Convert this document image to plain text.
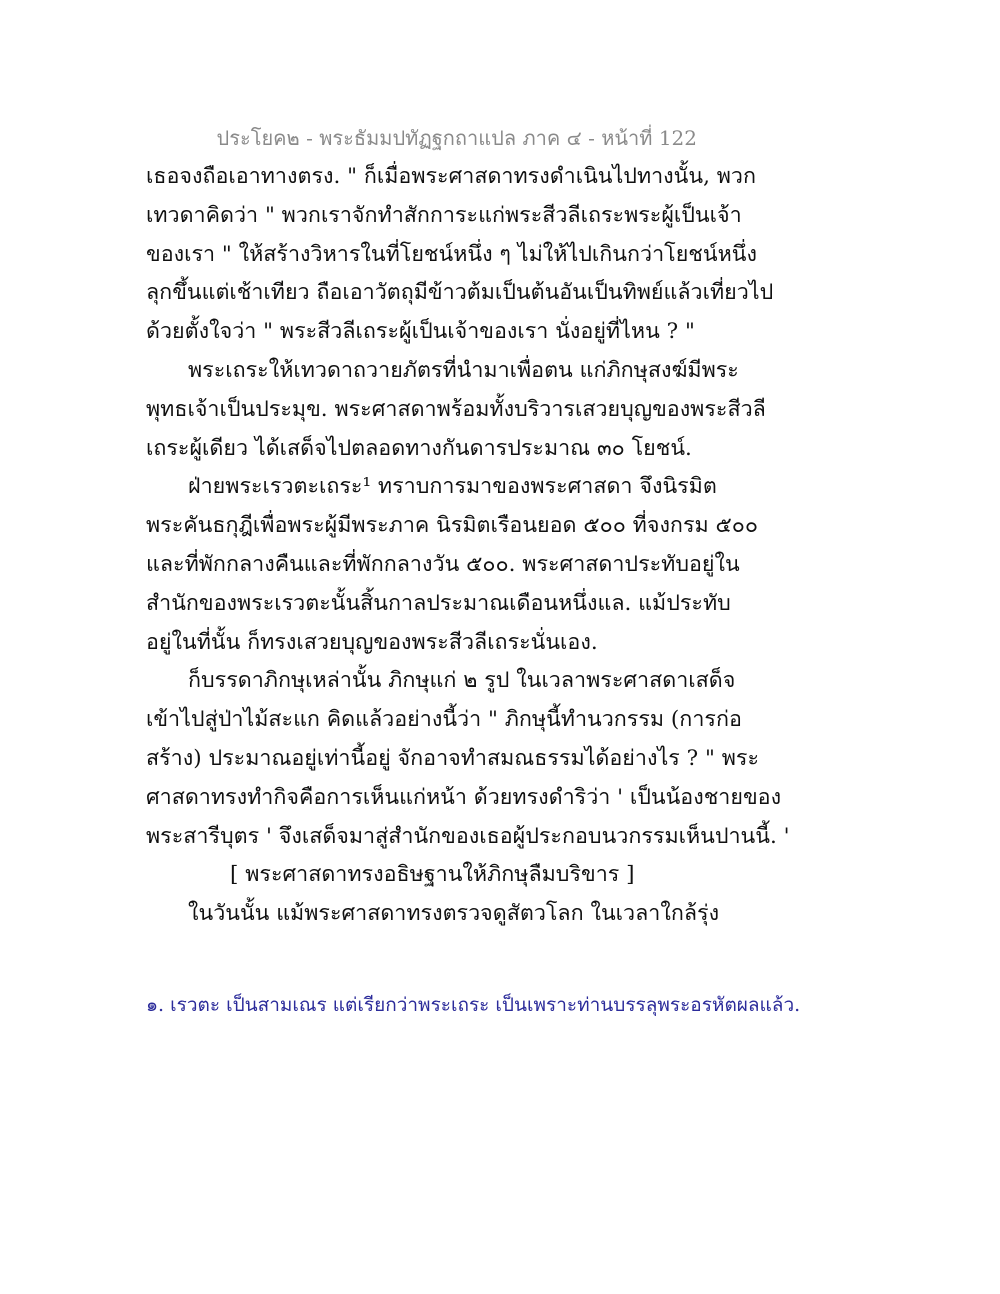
ประโยค๒ - พระธัมมปทัฏฐกถาแปล ภาค ๔ - หน้าที่ 122
เธอจงถือเอาทางตรง. " ก็เมื่อพระศาสดาทรงดำเนินไปทางนั้น, พวก
เทวดาคิดว่า " พวกเราจักทำสักการะแก่พระสีวลีเถระพระผู้เป็นเจ้า
ของเรา " ให้สร้างวิหารในที่โยชน์หนึ่ง ๆ ไม่ให้ไปเกินกว่าโยชน์หนึ่ง
ลุกขึ้นแต่เช้าเทียว ถือเอาวัตถุมีข้าวต้มเป็นต้นอันเป็นทิพย์แล้วเที่ยวไป
ด้วยตั้งใจว่า " พระสีวลีเถระผู้เป็นเจ้าของเรา นั่งอยู่ที่ไหน ? "
พระเถระให้เทวดาถวายภัตรที่นำมาเพื่อตน แก่ภิกษุสงฆ์มีพระ
พุทธเจ้าเป็นประมุข. พระศาสดาพร้อมทั้งบริวารเสวยบุญของพระสีวลี
เถระผู้เดียว ได้เสด็จไปตลอดทางกันดารประมาณ ๓๐ โยชน์.
ฝ่ายพระเรวตะเถระ¹ ทราบการมาของพระศาสดา จึงนิรมิต
พระคันธกุฎีเพื่อพระผู้มีพระภาค นิรมิตเรือนยอด ๕๐๐ ที่จงกรม ๕๐๐
และที่พักกลางคืนและที่พักกลางวัน ๕๐๐. พระศาสดาประทับอยู่ใน
สำนักของพระเรวตะนั้นสิ้นกาลประมาณเดือนหนึ่งแล. แม้ประทับ
อยู่ในที่นั้น ก็ทรงเสวยบุญของพระสีวลีเถระนั่นเอง.
ก็บรรดาภิกษุเหล่านั้น ภิกษุแก่ ๒ รูป ในเวลาพระศาสดาเสด็จ
เข้าไปสู่ป่าไม้สะแก คิดแล้วอย่างนี้ว่า " ภิกษุนี้ทำนวกรรม (การก่อ
สร้าง) ประมาณอยู่เท่านี้อยู่ จักอาจทำสมณธรรมได้อย่างไร ? " พระ
ศาสดาทรงทำกิจคือการเห็นแก่หน้า ด้วยทรงดำริว่า ' เป็นน้องชายของ
พระสารีบุตร ' จึงเสด็จมาสู่สำนักของเธอผู้ประกอบนวกรรมเห็นปานนี้. '
[ พระศาสดาทรงอธิษฐานให้ภิกษุลืมบริขาร ]
ในวันนั้น แม้พระศาสดาทรงตรวจดูสัตวโลก ในเวลาใกล้รุ่ง
๑. เรวตะ เป็นสามเณร แต่เรียกว่าพระเถระ เป็นเพราะท่านบรรลุพระอรหัตผลแล้ว.
